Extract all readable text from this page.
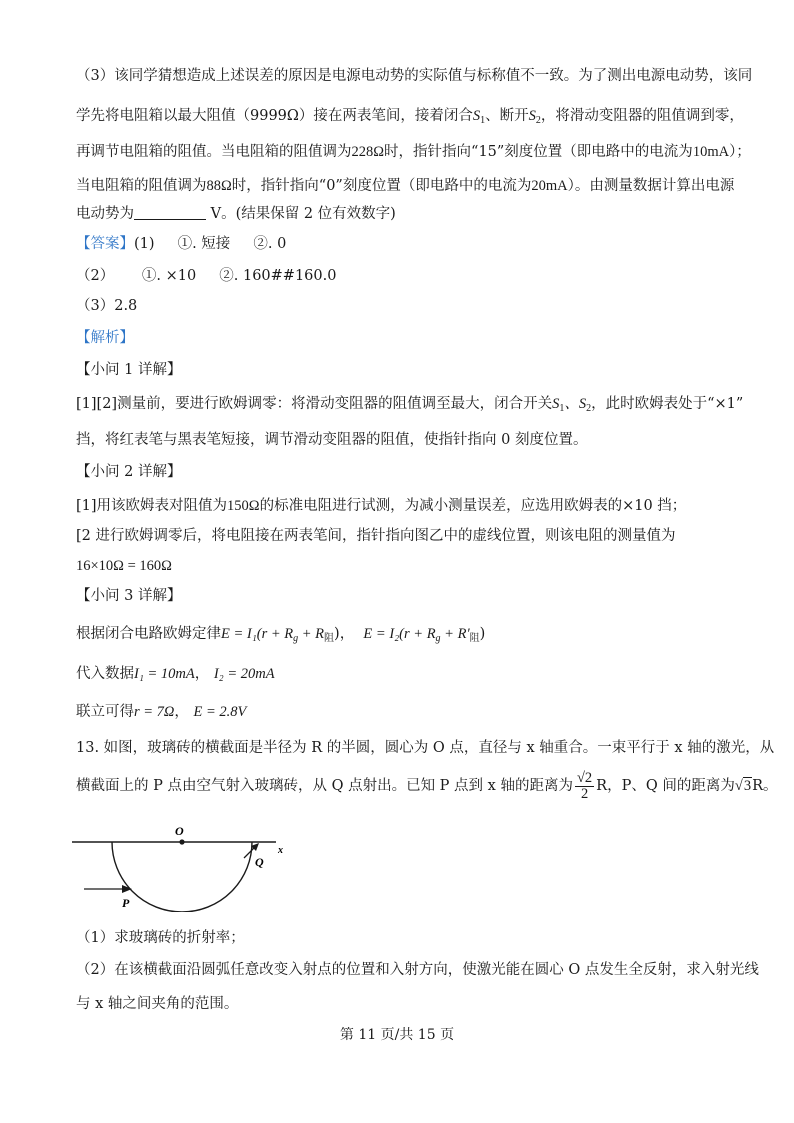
（3）该同学猜想造成上述误差的原因是电源电动势的实际值与标称值不一致。为了测出电源电动势，该同
学先将电阻箱以最大阻值（9999Ω）接在两表笔间，接着闭合$S_1$、断开$S_2$，将滑动变阻器的阻值调到零，
再调节电阻箱的阻值。当电阻箱的阻值调为228Ω时，指针指向“15”刻度位置（即电路中的电流为10mA）；
当电阻箱的阻值调为88Ω时，指针指向“0”刻度位置（即电路中的电流为20mA）。由测量数据计算出电源
电动势为	V。(结果保留 2 位有效数字)
【答案】(1) ①. 短接 ②. 0
（2） ①. ×10 ②. 160##160.0
（3）2.8
【解析】
【小问 1 详解】
[1][2]测量前，要进行欧姆调零：将滑动变阻器的阻值调至最大，闭合开关$S_1$、$S_2$，此时欧姆表处于“×1”
挡，将红表笔与黑表笔短接，调节滑动变阻器的阻值，使指针指向 0 刻度位置。
【小问 2 详解】
[1]用该欧姆表对阻值为150Ω的标准电阻进行试测，为减小测量误差，应选用欧姆表的×10 挡；
[2 进行欧姆调零后，将电阻接在两表笔间，指针指向图乙中的虚线位置，则该电阻的测量值为
16×10Ω = 160Ω
【小问 3 详解】
根据闭合电路欧姆定律$E = I_1(r + R_g + R_阻)$， $E = I_2(r + R_g + R'_阻)$
代入数据I₁ = 10mA， I₂ = 20mA
联立可得r = 7Ω， E = 2.8V
13. 如图，玻璃砖的横截面是半径为 R 的半圆，圆心为 O 点，直径与 x 轴重合。一束平行于 x 轴的激光，从
横截面上的 P 点由空气射入玻璃砖，从 Q 点射出。已知 P 点到 x 轴的距离为 $\frac{√2}{2}$ R，P、Q 间的距离为√3R。
O
x
P
Q
（1）求玻璃砖的折射率；
（2）在该横截面沿圆弧任意改变入射点的位置和入射方向，使激光能在圆心 O 点发生全反射，求入射光线
与 x 轴之间夹角的范围。
第 11 页/共 15 页
